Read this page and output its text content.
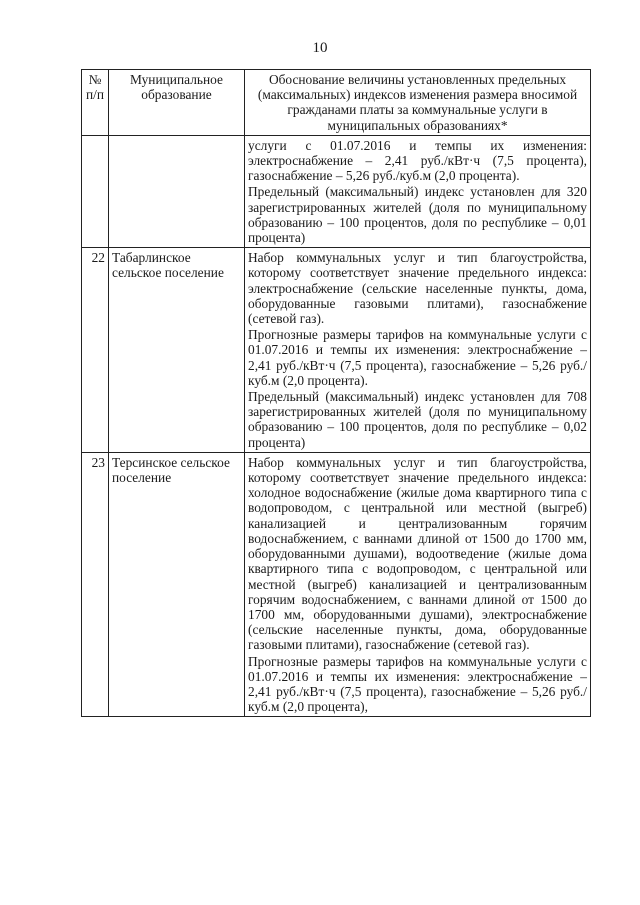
10
№ п/п	Муниципальное образование	Обоснование величины установленных предельных (максимальных) индексов изменения размера вносимой гражданами платы за коммунальные услуги в муниципальных образованиях*

		услуги с 01.07.2016 и темпы их изменения: электроснабжение – 2,41 руб./кВт·ч (7,5 процента), газоснабжение – 5,26 руб./куб.м (2,0 процента).

Предельный (максимальный) индекс установлен для 320 зарегистрированных жителей (доля по муниципальному образованию – 100 процентов, доля по республике – 0,01 процента)

22	Табарлинское сельское поселение	Набор коммунальных услуг и тип благоустройства, которому соответствует значение предельного индекса: электроснабжение (сельские населенные пункты, дома, оборудованные газовыми плитами), газоснабжение (сетевой газ).

Прогнозные размеры тарифов на коммунальные услуги с 01.07.2016 и темпы их изменения: электроснабжение – 2,41 руб./кВт·ч (7,5 процента), газоснабжение – 5,26 руб./куб.м (2,0 процента).

Предельный (максимальный) индекс установлен для 708 зарегистрированных жителей (доля по муниципальному образованию – 100 процентов, доля по республике – 0,02 процента)

23	Терсинское сельское поселение	Набор коммунальных услуг и тип благоустройства, которому соответствует значение предельного индекса: холодное водоснабжение (жилые дома квартирного типа с водопроводом, с центральной или местной (выгреб) канализацией и централизованным горячим водоснабжением, с ваннами длиной от 1500 до 1700 мм, оборудованными душами), водоотведение (жилые дома квартирного типа с водопроводом, с центральной или местной (выгреб) канализацией и централизованным горячим водоснабжением, с ваннами длиной от 1500 до 1700 мм, оборудованными душами), электроснабжение (сельские населенные пункты, дома, оборудованные газовыми плитами), газоснабжение (сетевой газ).

Прогнозные размеры тарифов на коммунальные услуги с 01.07.2016 и темпы их изменения: электроснабжение – 2,41 руб./кВт·ч (7,5 процента), газоснабжение – 5,26 руб./куб.м (2,0 процента),
